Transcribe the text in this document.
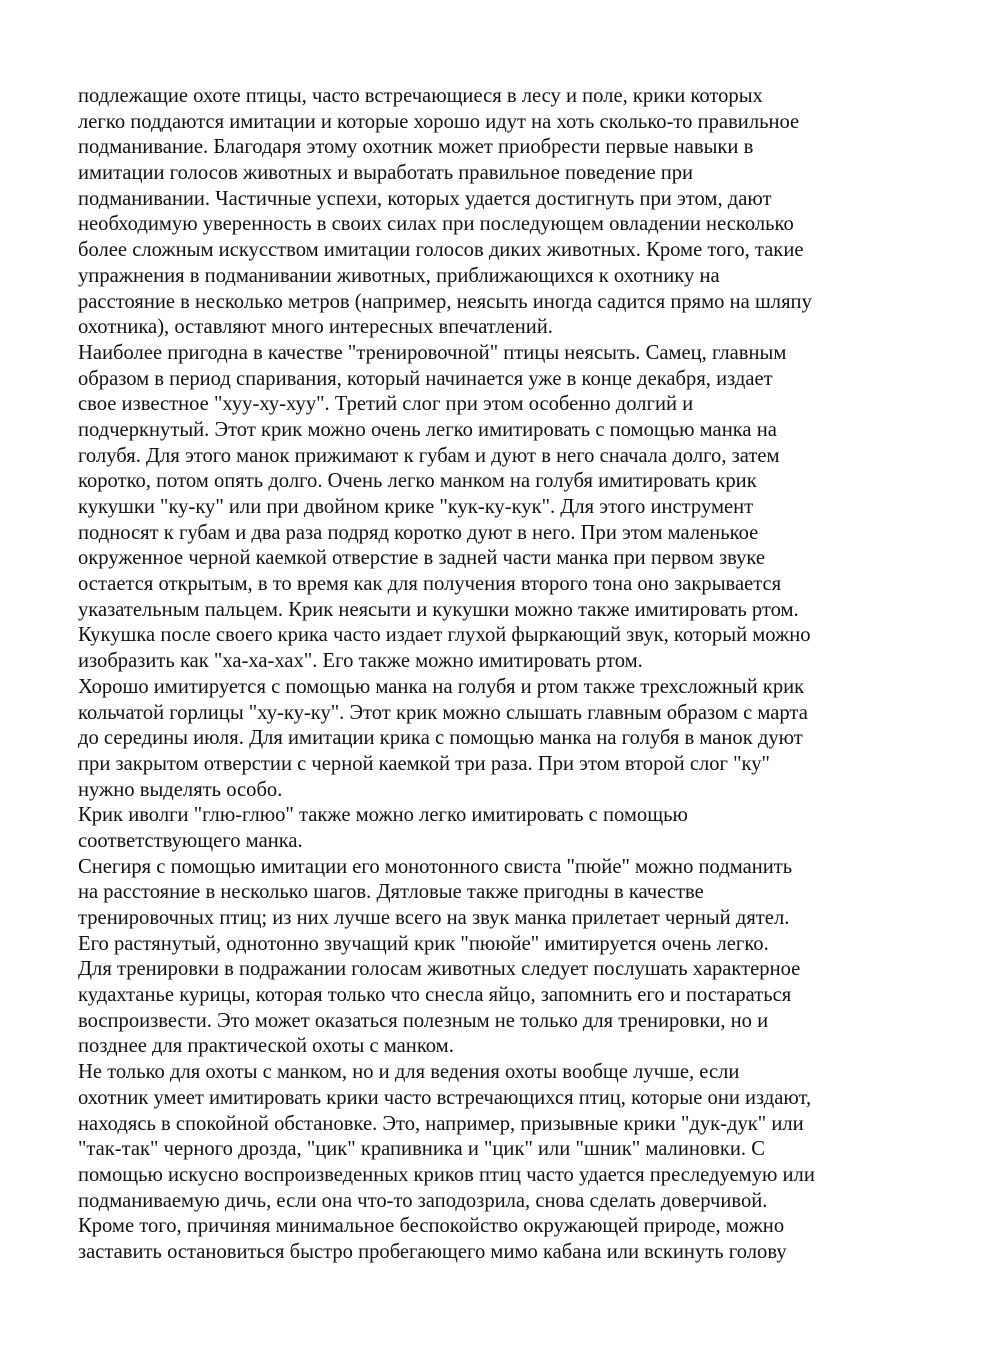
подлежащие охоте птицы, часто встречающиеся в лесу и поле, крики которых
легко поддаются имитации и которые хорошо идут на хоть сколько-то правильное
подманивание. Благодаря этому охотник может приобрести первые навыки в
имитации голосов животных и выработать правильное поведение при
подманивании. Частичные успехи, которых удается достигнуть при этом, дают
необходимую уверенность в своих силах при последующем овладении несколько
более сложным искусством имитации голосов диких животных. Кроме того, такие
упражнения в подманивании животных, приближающихся к охотнику на
расстояние в несколько метров (например, неясыть иногда садится прямо на шляпу
охотника), оставляют много интересных впечатлений.
Наиболее пригодна в качестве "тренировочной" птицы неясыть. Самец, главным
образом в период спаривания, который начинается уже в конце декабря, издает
свое известное "хуу-ху-хуу". Третий слог при этом особенно долгий и
подчеркнутый. Этот крик можно очень легко имитировать с помощью манка на
голубя. Для этого манок прижимают к губам и дуют в него сначала долго, затем
коротко, потом опять долго. Очень легко манком на голубя имитировать крик
кукушки "ку-ку" или при двойном крике "кук-ку-кук". Для этого инструмент
подносят к губам и два раза подряд коротко дуют в него. При этом маленькое
окруженное черной каемкой отверстие в задней части манка при первом звуке
остается открытым, в то время как для получения второго тона оно закрывается
указательным пальцем. Крик неясыти и кукушки можно также имитировать ртом.
Кукушка после своего крика часто издает глухой фыркающий звук, который можно
изобразить как "ха-ха-хах". Его также можно имитировать ртом.
Хорошо имитируется с помощью манка на голубя и ртом также трехсложный крик
кольчатой горлицы "ху-ку-ку". Этот крик можно слышать главным образом с марта
до середины июля. Для имитации крика с помощью манка на голубя в манок дуют
при закрытом отверстии с черной каемкой три раза. При этом второй слог "ку"
нужно выделять особо.
Крик иволги "глю-глюо" также можно легко имитировать с помощью
соответствующего манка.
Снегиря с помощью имитации его монотонного свиста "пюйе" можно подманить
на расстояние в несколько шагов. Дятловые также пригодны в качестве
тренировочных птиц; из них лучше всего на звук манка прилетает черный дятел.
Его растянутый, однотонно звучащий крик "пююйе" имитируется очень легко.
Для тренировки в подражании голосам животных следует послушать характерное
кудахтанье курицы, которая только что снесла яйцо, запомнить его и постараться
воспроизвести. Это может оказаться полезным не только для тренировки, но и
позднее для практической охоты с манком.
Не только для охоты с манком, но и для ведения охоты вообще лучше, если
охотник умеет имитировать крики часто встречающихся птиц, которые они издают,
находясь в спокойной обстановке. Это, например, призывные крики "дук-дук" или
"так-так" черного дрозда, "цик" крапивника и "цик" или "шник" малиновки. С
помощью искусно воспроизведенных криков птиц часто удается преследуемую или
подманиваемую дичь, если она что-то заподозрила, снова сделать доверчивой.
Кроме того, причиняя минимальное беспокойство окружающей природе, можно
заставить остановиться быстро пробегающего мимо кабана или вскинуть голову
